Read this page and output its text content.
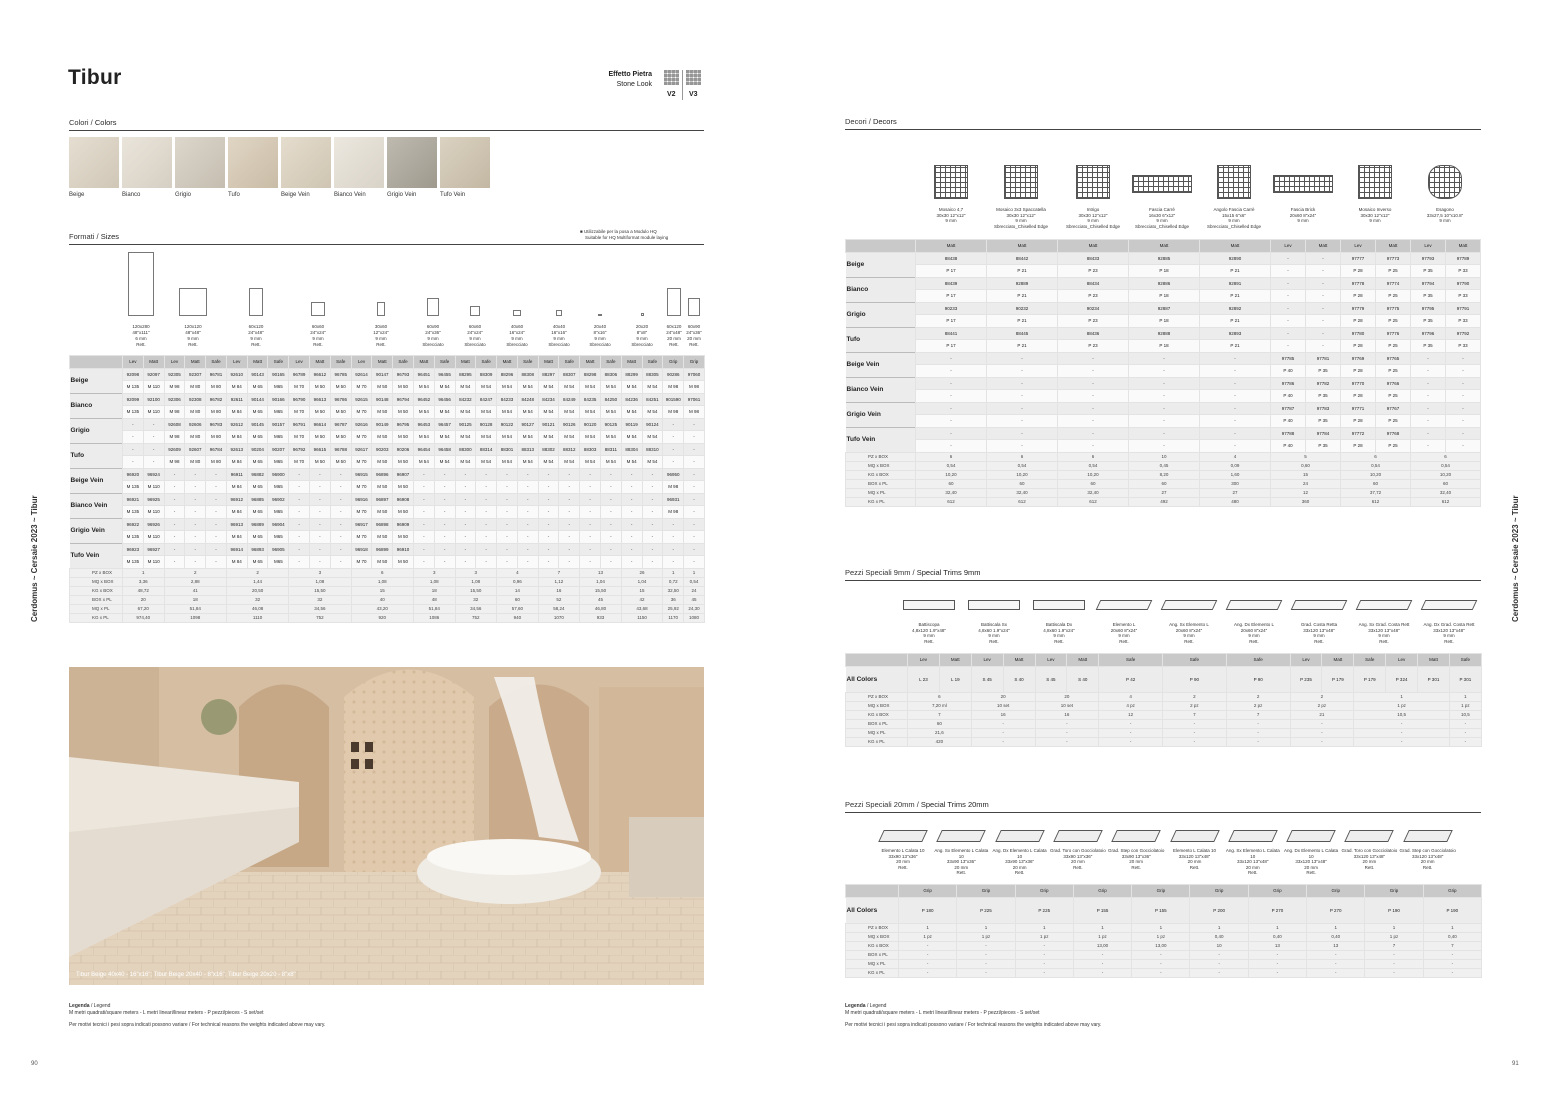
Tibur	Effetto Pietra
Stone Look
V2 V3
Colori / Colors
Beige	Bianco	Grigio	Tufo	Beige Vein	Bianco Vein	Grigio Vein	Tufo Vein
Formati / Sizes
■ Utilizzabile per la posa a Modulo HQ
Suitable for HQ Multiformat module laying
120x280
48"x111"
6 mm
Rett.
120x120
48"x48"
9 mm
Rett.
60x120
24"x48"
9 mm
Rett.
60x60
24"x24"
9 mm
Rett.
30x60
12"x24"
9 mm
Rett.
60x90
24"x36"
9 mm
Sbrecciato
60x60
24"x24"
9 mm
Sbrecciato
40x60
16"x24"
9 mm
Sbrecciato
40x40
16"x16"
9 mm
Sbrecciato
20x40
8"x16"
9 mm
Sbrecciato
20x20
8"x8"
9 mm
Sbrecciato
60x120
24"x48"
20 mm
Rett.
60x90
24"x36"
20 mm
Rett.
	Lev	Matt	Lev	Matt	Safe	Lev	Matt	Safe	Lev	Matt	Safe	Lev	Matt	Safe	Matt	Safe	Matt	Safe	Matt	Safe	Matt	Safe	Matt	Safe	Matt	Safe	Grip	Grip
Beige	92098	92097	92305	92307	96781	92610	90143	90165	96789	96612	96785	92614	90147	96793	96451	96455	88295	88309	88296	88308	88297	88307	88298	88306	88299	88305	90286	97060
	M 135	M 110	M 98	M 80	M 80	M 84	M 65	M65	M 70	M 50	M 50	M 70	M 50	M 50	M 54	M 54	M 54	M 54	M 54	M 54	M 54	M 54	M 54	M 54	M 54	M 54	M 98	M 98
Bianco	92099	92100	92306	92308	96782	92611	90144	90166	96790	96613	96786	92615	90148	96794	96452	96456	84232	84247	84233	84248	84234	84249	84235	84250	84236	84251	901590	97061
	M 135	M 110	M 98	M 80	M 80	M 84	M 65	M65	M 70	M 50	M 50	M 70	M 50	M 50	M 54	M 54	M 54	M 54	M 54	M 54	M 54	M 54	M 54	M 54	M 54	M 54	M 98	M 98
Grigio	-	-	92608	92606	96783	92612	90145	90157	96791	96614	96787	92616	90149	96795	96453	96457	90125	90128	90122	90127	90121	90126	90120	90125	90119	90124	-	-
	-	-	M 98	M 80	M 80	M 84	M 65	M65	M 70	M 50	M 50	M 70	M 50	M 50	M 54	M 54	M 54	M 54	M 54	M 54	M 54	M 54	M 54	M 54	M 54	M 54	-	-
Tufo	-	-	92609	92607	96784	92613	90204	90207	96792	96615	96788	92617	90203	90206	96454	96458	88300	88314	88301	88313	88302	88312	88303	88311	88304	88310	-	-
	-	-	M 98	M 80	M 80	M 84	M 65	M65	M 70	M 50	M 50	M 70	M 50	M 50	M 54	M 54	M 54	M 54	M 54	M 54	M 54	M 54	M 54	M 54	M 54	M 54	-	-
Beige Vein	96920	96924	-	-	-	96911	96882	96900	-	-	-	96915	96896	96907	-	-	-	-	-	-	-	-	-	-	-	-	96950	-
	M 135	M 110	-	-	-	M 84	M 65	M65	-	-	-	M 70	M 50	M 50	-	-	-	-	-	-	-	-	-	-	-	-	M 98	-
Bianco Vein	96921	96925	-	-	-	96912	96885	96902	-	-	-	96916	96897	96908	-	-	-	-	-	-	-	-	-	-	-	-	96931	-
	M 135	M 110	-	-	-	M 84	M 65	M65	-	-	-	M 70	M 50	M 50	-	-	-	-	-	-	-	-	-	-	-	-	M 98	-
Grigio Vein	96922	96926	-	-	-	96913	96889	96904	-	-	-	96917	96898	96909	-	-	-	-	-	-	-	-	-	-	-	-	-	-
	M 135	M 110	-	-	-	M 84	M 65	M65	-	-	-	M 70	M 50	M 50	-	-	-	-	-	-	-	-	-	-	-	-	-	-
Tufo Vein	96923	96927	-	-	-	96914	96893	96905	-	-	-	96918	96899	96910	-	-	-	-	-	-	-	-	-	-	-	-	-	-
	M 135	M 110	-	-	-	M 84	M 65	M65	-	-	-	M 70	M 50	M 50	-	-	-	-	-	-	-	-	-	-	-	-	-	-
PZ x BOX	1		2			2			3			6			3		3		4		7		13		26		1	1
MQ x BOX	3,36		2,88			1,44			1,08			1,08			1,08		1,08		0,96		1,12		1,04		1,04		0,72	0,54
KG x BOX	48,72		41			20,50			15,50			15			18		15,50		14		16		15,50		15		32,50	24
BOX x PL	20		18			32			32			40			48		32		60		52		45		42		36	45
MQ x PL	67,20		51,84			46,08			34,56			43,20			51,84		34,56		57,60		58,24		46,80		43,68		25,92	24,30
KG x PL	974,40		1098			1110			752			920			1086		752		940		1070		933		1150		1170	1080
Tibur Beige 40x40 - 16"x16"; Tibur Beige 20x40 - 8"x16"; Tibur Beige 20x20 - 8"x8"
Legenda / Legend
M metri quadrati/square meters - L metri lineari/linear meters - P pezzi/pieces - S set/set
Per motivi tecnici i pesi sopra indicati possono variare / For technical reasons the weights indicated above may vary.
Cerdomus ~ Cersaie 2023 ~ Tibur
90
Decori / Decors
Mosaico 4,7
30x30 12"x12"
9 mm
Mosaico 3x3 Spaccatella
30x30 12"x12"
9 mm
Sbrecciato_Chiselled Edge
Intrigo
30x30 12"x12"
9 mm
Sbrecciato_Chiselled Edge
Fascia Carrè
16x30 6"x12"
9 mm
Sbrecciato_Chiselled Edge
Angolo Fascia Carrè
15x15 6"x6"
9 mm
Sbrecciato_Chiselled Edge
Fascia Brick
20x60 8"x24"
9 mm
Mosaico Inverso
30x30 12"x12"
9 mm
Esagono
33x27,5 10"x10.8"
9 mm
	Matt	Matt	Matt	Matt	Matt	Lev	Matt	Lev	Matt	Lev	Matt
Beige	88438	88442	88433	92885	92890	-	-	97777	97773	97793	97789
	P 17	P 21	P 23	P 18	P 21	-	-	P 28	P 25	P 35	P 33
Bianco	88439	92889	88434	92886	92891	-	-	97778	97774	97794	97790
	P 17	P 21	P 23	P 18	P 21	-	-	P 28	P 25	P 35	P 33
Grigio	90233	90232	90234	92887	92892	-	-	97779	97775	97795	97791
	P 17	P 21	P 23	P 18	P 21	-	-	P 28	P 25	P 35	P 33
Tufo	88441	88445	88436	92888	92893	-	-	97780	97776	97796	97792
	P 17	P 21	P 23	P 18	P 21	-	-	P 28	P 25	P 35	P 33
Beige Vein	-	-	-	-	-	97785	97781	97769	97765	-	-
	-	-	-	-	-	P 40	P 35	P 28	P 25	-	-
Bianco Vein	-	-	-	-	-	97786	97782	97770	97766	-	-
	-	-	-	-	-	P 40	P 35	P 28	P 25	-	-
Grigio Vein	-	-	-	-	-	97787	97783	97771	97767	-	-
	-	-	-	-	-	P 40	P 35	P 28	P 25	-	-
Tufo Vein	-	-	-	-	-	97788	97784	97772	97768	-	-
	-	-	-	-	-	P 40	P 35	P 28	P 25	-	-
PZ x BOX	6	6	6	10	4	5		6		6	
MQ x BOX	0,54	0,54	0,54	0,45	0,09	0,60		0,54		0,54	
KG x BOX	10,20	10,20	10,20	8,20	1,60	15		10,20		10,20	
BOX x PL	60	60	60	60	300	24		60		60	
MQ x PL	32,40	32,40	32,40	27	27	12		37,72		32,40	
KG x PL	612	612	612	492	480	360		612		612	
Pezzi Speciali 9mm / Special Trims 9mm
Battiscopa
4,8x120 1.9"x48"
9 mm
Rett.
Battiscala Sx
4,8x60 1.9"x24"
9 mm
Rett.
Battiscala Dx
4,8x60 1.9"x24"
9 mm
Rett.
Elemento L
20x60 8"x24"
9 mm
Rett.
Ang. Sx Elemento L
20x60 8"x24"
9 mm
Rett.
Ang. Dx Elemento L
20x60 8"x24"
9 mm
Rett.
Grad. Costa Retta
33x120 13"x48"
9 mm
Rett.
Ang. Sx Grad. Costa Rett
33x120 13"x48"
9 mm
Rett.
Ang. Dx Grad. Costa Rett
33x120 13"x48"
9 mm
Rett.
	Lev	Matt	Lev	Matt	Lev	Matt	Safe	Safe	Safe	Lev	Matt	Safe	Lev	Matt	Safe			
All Colors	L 23	L 19	S 45	S 40	S 45	S 40	P 42	P 90	P 90	P 235	P 179	P 179	P 324	P 301	P 301			
PZ x BOX	6		20		20		4	2	2	2		1			1	
MQ x BOX	7,20 ml		10 set		10 set		4 pz	2 pz	2 pz	2 pz		1 pz			1 pz	
KG x BOX	7		16		16		12	7	7	21		10,5			10,5	
BOX x PL	60		-		-		-	-	-	-		-			-	
MQ x PL	21,6		-		-		-	-	-	-		-			-	
KG x PL	420		-		-		-	-	-	-		-			-	
Pezzi Speciali 20mm / Special Trims 20mm
Elemento L Calata 10
33x90 13"x36"
20 mm
Rett.
Ang. Sx Elemento L Calata 10
33x90 13"x36"
20 mm
Rett.
Ang. Dx Elemento L Calata 10
33x90 13"x36"
20 mm
Rett.
Grad. Toro con Gocciolatoio
33x90 13"x36"
20 mm
Rett.
Grad. Step con Gocciolatoio
33x90 13"x36"
20 mm
Rett.
Elemento L Calata 10
33x120 13"x48"
20 mm
Rett.
Ang. Sx Elemento L Calata 10
33x120 13"x48"
20 mm
Rett.
Ang. Dx Elemento L Calata 10
33x120 13"x48"
20 mm
Rett.
Grad. Toro con Gocciolatoio
33x120 13"x48"
20 mm
Rett.
Grad. Step con Gocciolatoio
33x120 13"x48"
20 mm
Rett.
	Grip	Grip	Grip	Grip	Grip	Grip	Grip	Grip	Grip	Grip
All Colors	P 180	P 225	P 225	P 155	P 155	P 200	P 270	P 270	P 190	P 190
PZ x BOX	1	1	1	1	1	1	1	1	1	1
MQ x BOX	1 pz	1 pz	1 pz	1 pz	1 pz	0,40	0,40	0,40	1 pz	0,40
KG x BOX	-	-	-	13,00	13,00	10	13	13	7	7
BOX x PL	-	-	-	-	-	-	-	-	-	-
MQ x PL	-	-	-	-	-	-	-	-	-	-
KG x PL	-	-	-	-	-	-	-	-	-	-
Legenda / Legend
M metri quadrati/square meters - L metri lineari/linear meters - P pezzi/pieces - S set/set
Per motivi tecnici i pesi sopra indicati possono variare / For technical reasons the weights indicated above may vary.
Cerdomus ~ Cersaie 2023 ~ Tibur
91
